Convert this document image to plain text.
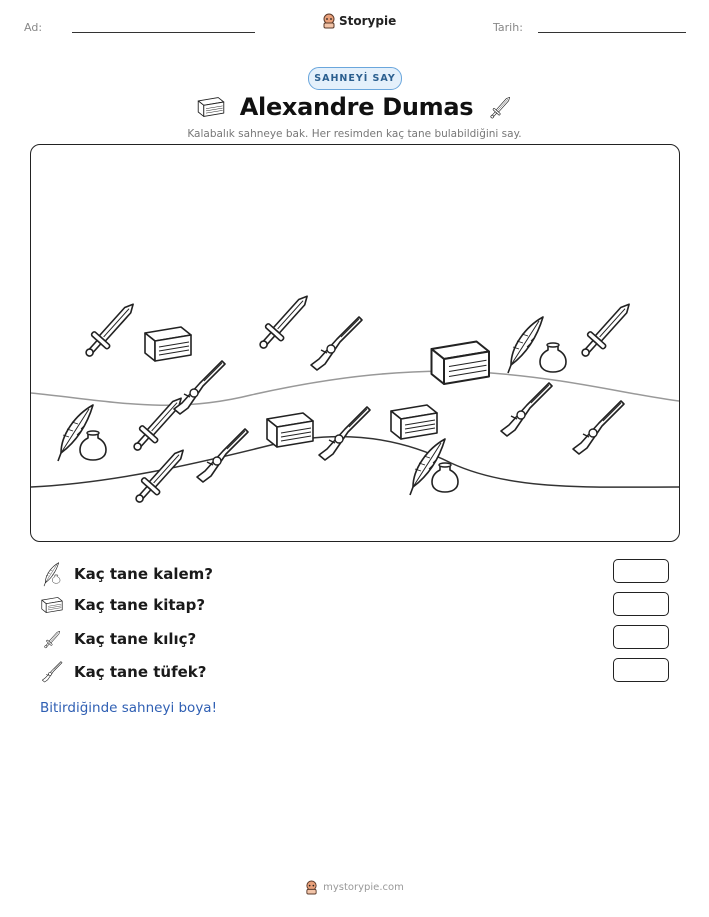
Ad:	Storypie	Tarih:
SAHNEYİ SAY
Alexandre Dumas
Kalabalık sahneye bak. Her resimden kaç tane bulabildiğini say.
Kaç tane kalem?
Kaç tane kitap?
Kaç tane kılıç?
Kaç tane tüfek?
Bitirdiğinde sahneyi boya!
mystorypie.com
